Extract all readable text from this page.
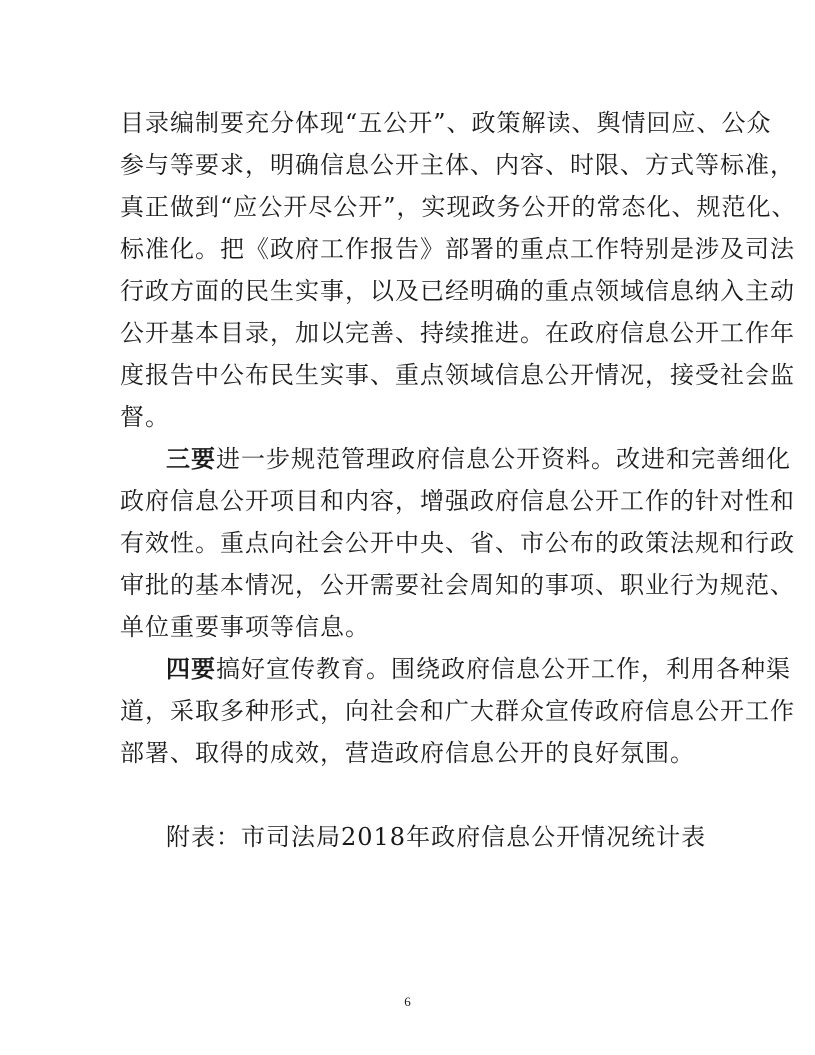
目录编制要充分体现“五公开”、政策解读、舆情回应、公众
参与等要求，明确信息公开主体、内容、时限、方式等标准，
真正做到“应公开尽公开”，实现政务公开的常态化、规范化、
标准化。把《政府工作报告》部署的重点工作特别是涉及司法
行政方面的民生实事，以及已经明确的重点领域信息纳入主动
公开基本目录，加以完善、持续推进。在政府信息公开工作年
度报告中公布民生实事、重点领域信息公开情况，接受社会监
督。
三要进一步规范管理政府信息公开资料。改进和完善细化
政府信息公开项目和内容，增强政府信息公开工作的针对性和
有效性。重点向社会公开中央、省、市公布的政策法规和行政
审批的基本情况，公开需要社会周知的事项、职业行为规范、
单位重要事项等信息。
四要搞好宣传教育。围绕政府信息公开工作，利用各种渠
道，采取多种形式，向社会和广大群众宣传政府信息公开工作
部署、取得的成效，营造政府信息公开的良好氛围。
附表：市司法局2018年政府信息公开情况统计表
6
